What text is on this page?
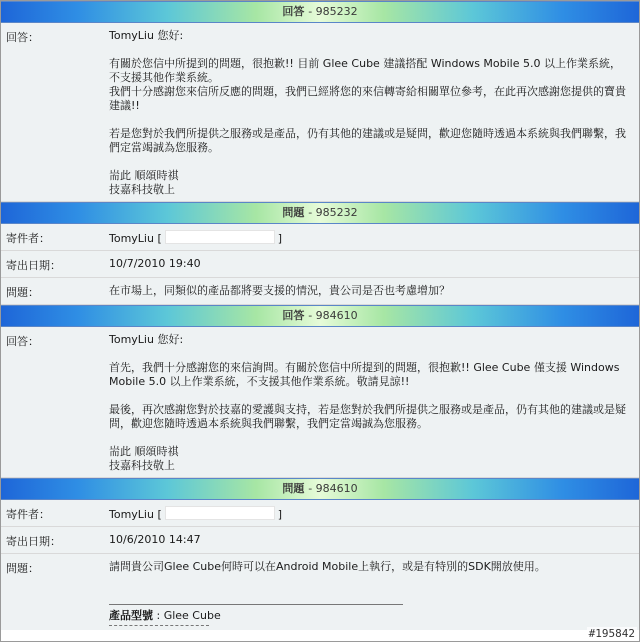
回答 - 985232
回答：	TomyLiu 您好:

有關於您信中所提到的問題，很抱歉!! 目前 Glee Cube 建議搭配 Windows Mobile 5.0 以上作業系統，不支援其他作業系統。

我們十分感謝您來信所反應的問題，我們已經將您的來信轉寄給相關單位參考，在此再次感謝您提供的寶貴建議!!

若是您對於我們所提供之服務或是產品，仍有其他的建議或是疑問，歡迎您隨時透過本系統與我們聯繫，我們定當竭誠為您服務。

耑此 順頌時祺

技嘉科技敬上

問題 - 985232
寄件者：	TomyLiu [	]
寄出日期：	10/7/2010 19:40
問題：	在市場上，同類似的產品都將要支援的情況，貴公司是否也考慮增加？
回答 - 984610
回答：	TomyLiu 您好:

首先，我們十分感謝您的來信詢問。有關於您信中所提到的問題，很抱歉!! Glee Cube 僅支援 Windows Mobile 5.0 以上作業系統，不支援其他作業系統。敬請見諒!!

最後，再次感謝您對於技嘉的愛護與支持，若是您對於我們所提供之服務或是產品，仍有其他的建議或是疑問，歡迎您隨時透過本系統與我們聯繫，我們定當竭誠為您服務。

耑此 順頌時祺

技嘉科技敬上

問題 - 984610
寄件者：	TomyLiu [	]
寄出日期：	10/6/2010 14:47
問題：	請問貴公司Glee Cube何時可以在Android Mobile上執行，或是有特別的SDK開放使用。

產品型號 : Glee Cube

#195842
